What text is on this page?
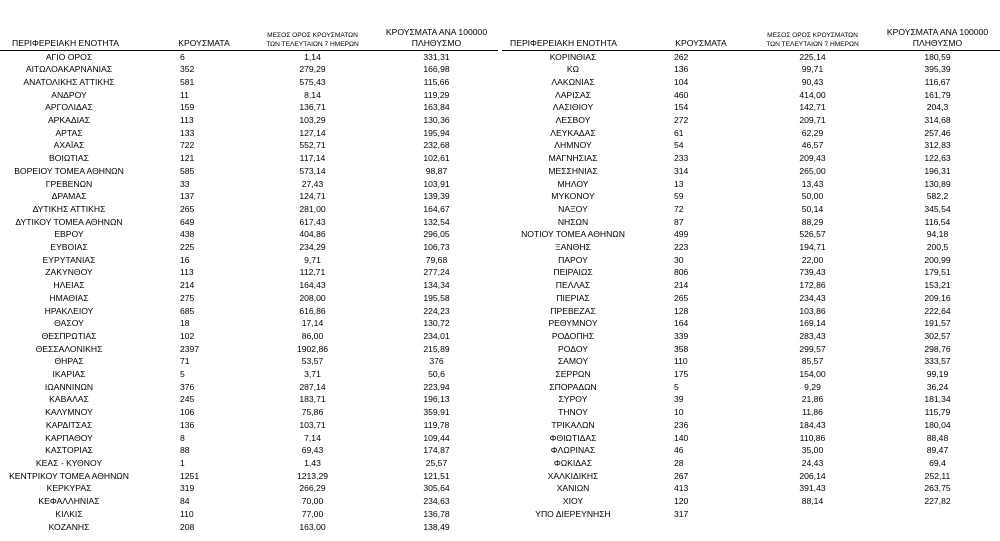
ΠΕΡΙΦΕΡΕΙΑΚΗ ΕΝΟΤΗΤΑ	ΚΡΟΥΣΜΑΤΑ	ΜΕΣΟΣ ΟΡΟΣ ΚΡΟΥΣΜΑΤΩΝ
ΤΩΝ ΤΕΛΕΥΤΑΙΩΝ 7 ΗΜΕΡΩΝ	ΚΡΟΥΣΜΑΤΑ ΑΝΑ 100000
ΠΛΗΘΥΣΜΟ
ΑΓΙΟ ΟΡΟΣ	6	1,14	331,31
ΑΙΤΩΛΟΑΚΑΡΝΑΝΙΑΣ	352	279,29	166,98
ΑΝΑΤΟΛΙΚΗΣ ΑΤΤΙΚΗΣ	581	575,43	115,66
ΑΝΔΡΟΥ	11	8,14	119,29
ΑΡΓΟΛΙΔΑΣ	159	136,71	163,84
ΑΡΚΑΔΙΑΣ	113	103,29	130,36
ΑΡΤΑΣ	133	127,14	195,94
ΑΧΑΪΑΣ	722	552,71	232,68
ΒΟΙΩΤΙΑΣ	121	117,14	102,61
ΒΟΡΕΙΟΥ ΤΟΜΕΑ ΑΘΗΝΩΝ	585	573,14	98,87
ΓΡΕΒΕΝΩΝ	33	27,43	103,91
ΔΡΑΜΑΣ	137	124,71	139,39
ΔΥΤΙΚΗΣ ΑΤΤΙΚΗΣ	265	281,00	164,67
ΔΥΤΙΚΟΥ ΤΟΜΕΑ ΑΘΗΝΩΝ	649	617,43	132,54
ΕΒΡΟΥ	438	404,86	296,05
ΕΥΒΟΙΑΣ	225	234,29	106,73
ΕΥΡΥΤΑΝΙΑΣ	16	9,71	79,68
ΖΑΚΥΝΘΟΥ	113	112,71	277,24
ΗΛΕΙΑΣ	214	164,43	134,34
ΗΜΑΘΙΑΣ	275	208,00	195,58
ΗΡΑΚΛΕΙΟΥ	685	616,86	224,23
ΘΑΣΟΥ	18	17,14	130,72
ΘΕΣΠΡΩΤΙΑΣ	102	86,00	234,01
ΘΕΣΣΑΛΟΝΙΚΗΣ	2397	1902,86	215,89
ΘΗΡΑΣ	71	53,57	376
ΙΚΑΡΙΑΣ	5	3,71	50,6
ΙΩΑΝΝΙΝΩΝ	376	287,14	223,94
ΚΑΒΑΛΑΣ	245	183,71	196,13
ΚΑΛΥΜΝΟΥ	106	75,86	359,91
ΚΑΡΔΙΤΣΑΣ	136	103,71	119,78
ΚΑΡΠΑΘΟΥ	8	7,14	109,44
ΚΑΣΤΟΡΙΑΣ	88	69,43	174,87
ΚΕΑΣ - ΚΥΘΝΟΥ	1	1,43	25,57
ΚΕΝΤΡΙΚΟΥ ΤΟΜΕΑ ΑΘΗΝΩΝ	1251	1213,29	121,51
ΚΕΡΚΥΡΑΣ	319	266,29	305,64
ΚΕΦΑΛΛΗΝΙΑΣ	84	70,00	234,63
ΚΙΛΚΙΣ	110	77,00	136,78
ΚΟΖΑΝΗΣ	208	163,00	138,49
ΠΕΡΙΦΕΡΕΙΑΚΗ ΕΝΟΤΗΤΑ	ΚΡΟΥΣΜΑΤΑ	ΜΕΣΟΣ ΟΡΟΣ ΚΡΟΥΣΜΑΤΩΝ
ΤΩΝ ΤΕΛΕΥΤΑΙΩΝ 7 ΗΜΕΡΩΝ	ΚΡΟΥΣΜΑΤΑ ΑΝΑ 100000
ΠΛΗΘΥΣΜΟ
ΚΟΡΙΝΘΙΑΣ	262	225,14	180,59
ΚΩ	136	99,71	395,39
ΛΑΚΩΝΙΑΣ	104	90,43	116,67
ΛΑΡΙΣΑΣ	460	414,00	161,79
ΛΑΣΙΘΙΟΥ	154	142,71	204,3
ΛΕΣΒΟΥ	272	209,71	314,68
ΛΕΥΚΑΔΑΣ	61	62,29	257,46
ΛΗΜΝΟΥ	54	46,57	312,83
ΜΑΓΝΗΣΙΑΣ	233	209,43	122,63
ΜΕΣΣΗΝΙΑΣ	314	265,00	196,31
ΜΗΛΟΥ	13	13,43	130,89
ΜΥΚΟΝΟΥ	59	50,00	582,2
ΝΑΞΟΥ	72	50,14	345,54
ΝΗΣΩΝ	87	88,29	116,54
ΝΟΤΙΟΥ ΤΟΜΕΑ ΑΘΗΝΩΝ	499	526,57	94,18
ΞΑΝΘΗΣ	223	194,71	200,5
ΠΑΡΟΥ	30	22,00	200,99
ΠΕΙΡΑΙΩΣ	806	739,43	179,51
ΠΕΛΛΑΣ	214	172,86	153,21
ΠΙΕΡΙΑΣ	265	234,43	209,16
ΠΡΕΒΕΖΑΣ	128	103,86	222,64
ΡΕΘΥΜΝΟΥ	164	169,14	191,57
ΡΟΔΟΠΗΣ	339	283,43	302,57
ΡΟΔΟΥ	358	299,57	298,76
ΣΑΜΟΥ	110	85,57	333,57
ΣΕΡΡΩΝ	175	154,00	99,19
ΣΠΟΡΑΔΩΝ	5	9,29	36,24
ΣΥΡΟΥ	39	21,86	181,34
ΤΗΝΟΥ	10	11,86	115,79
ΤΡΙΚΑΛΩΝ	236	184,43	180,04
ΦΘΙΩΤΙΔΑΣ	140	110,86	88,48
ΦΛΩΡΙΝΑΣ	46	35,00	89,47
ΦΩΚΙΔΑΣ	28	24,43	69,4
ΧΑΛΚΙΔΙΚΗΣ	267	206,14	252,11
ΧΑΝΙΩΝ	413	391,43	263,75
ΧΙΟΥ	120	88,14	227,82
ΥΠΟ ΔΙΕΡΕΥΝΗΣΗ	317		
